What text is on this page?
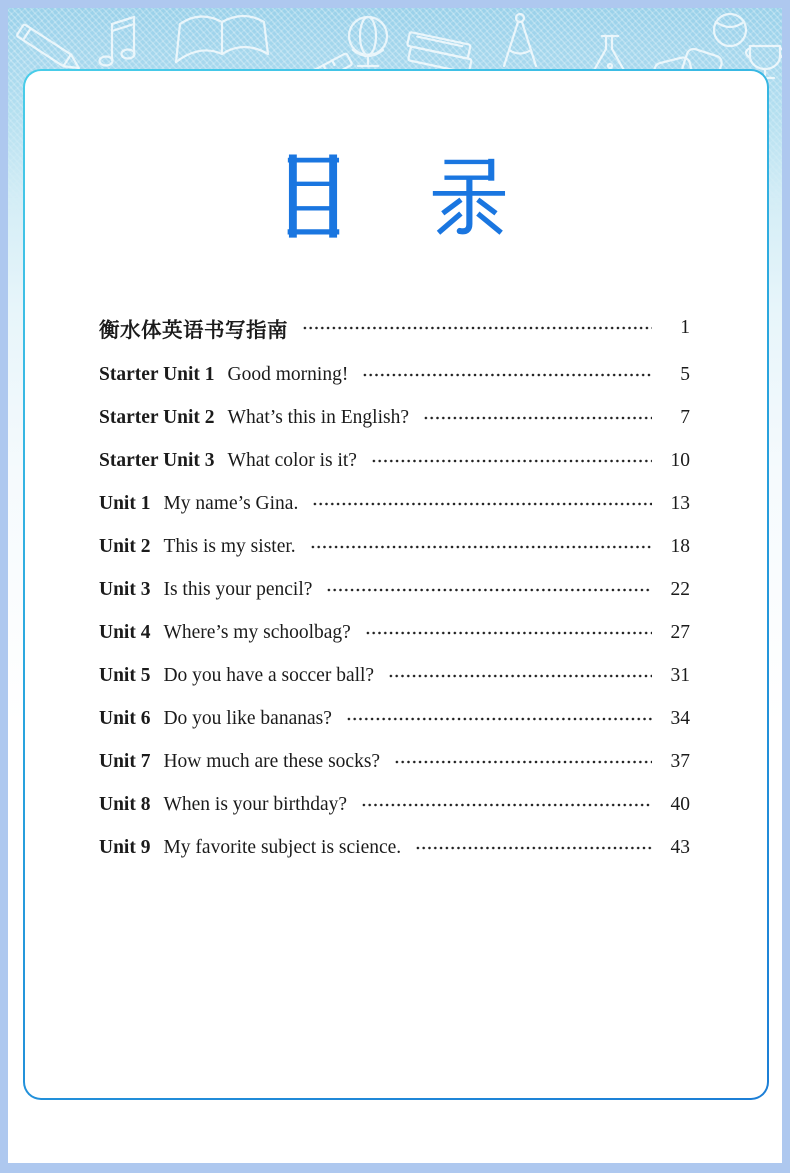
衡水体英语书写指南	1
Starter Unit 1 Good morning!	5
Starter Unit 2 What’s this in English?	7
Starter Unit 3 What color is it?	10
Unit 1 My name’s Gina.	13
Unit 2 This is my sister.	18
Unit 3 Is this your pencil?	22
Unit 4 Where’s my schoolbag?	27
Unit 5 Do you have a soccer ball?	31
Unit 6 Do you like bananas?	34
Unit 7 How much are these socks?	37
Unit 8 When is your birthday?	40
Unit 9 My favorite subject is science.	43
